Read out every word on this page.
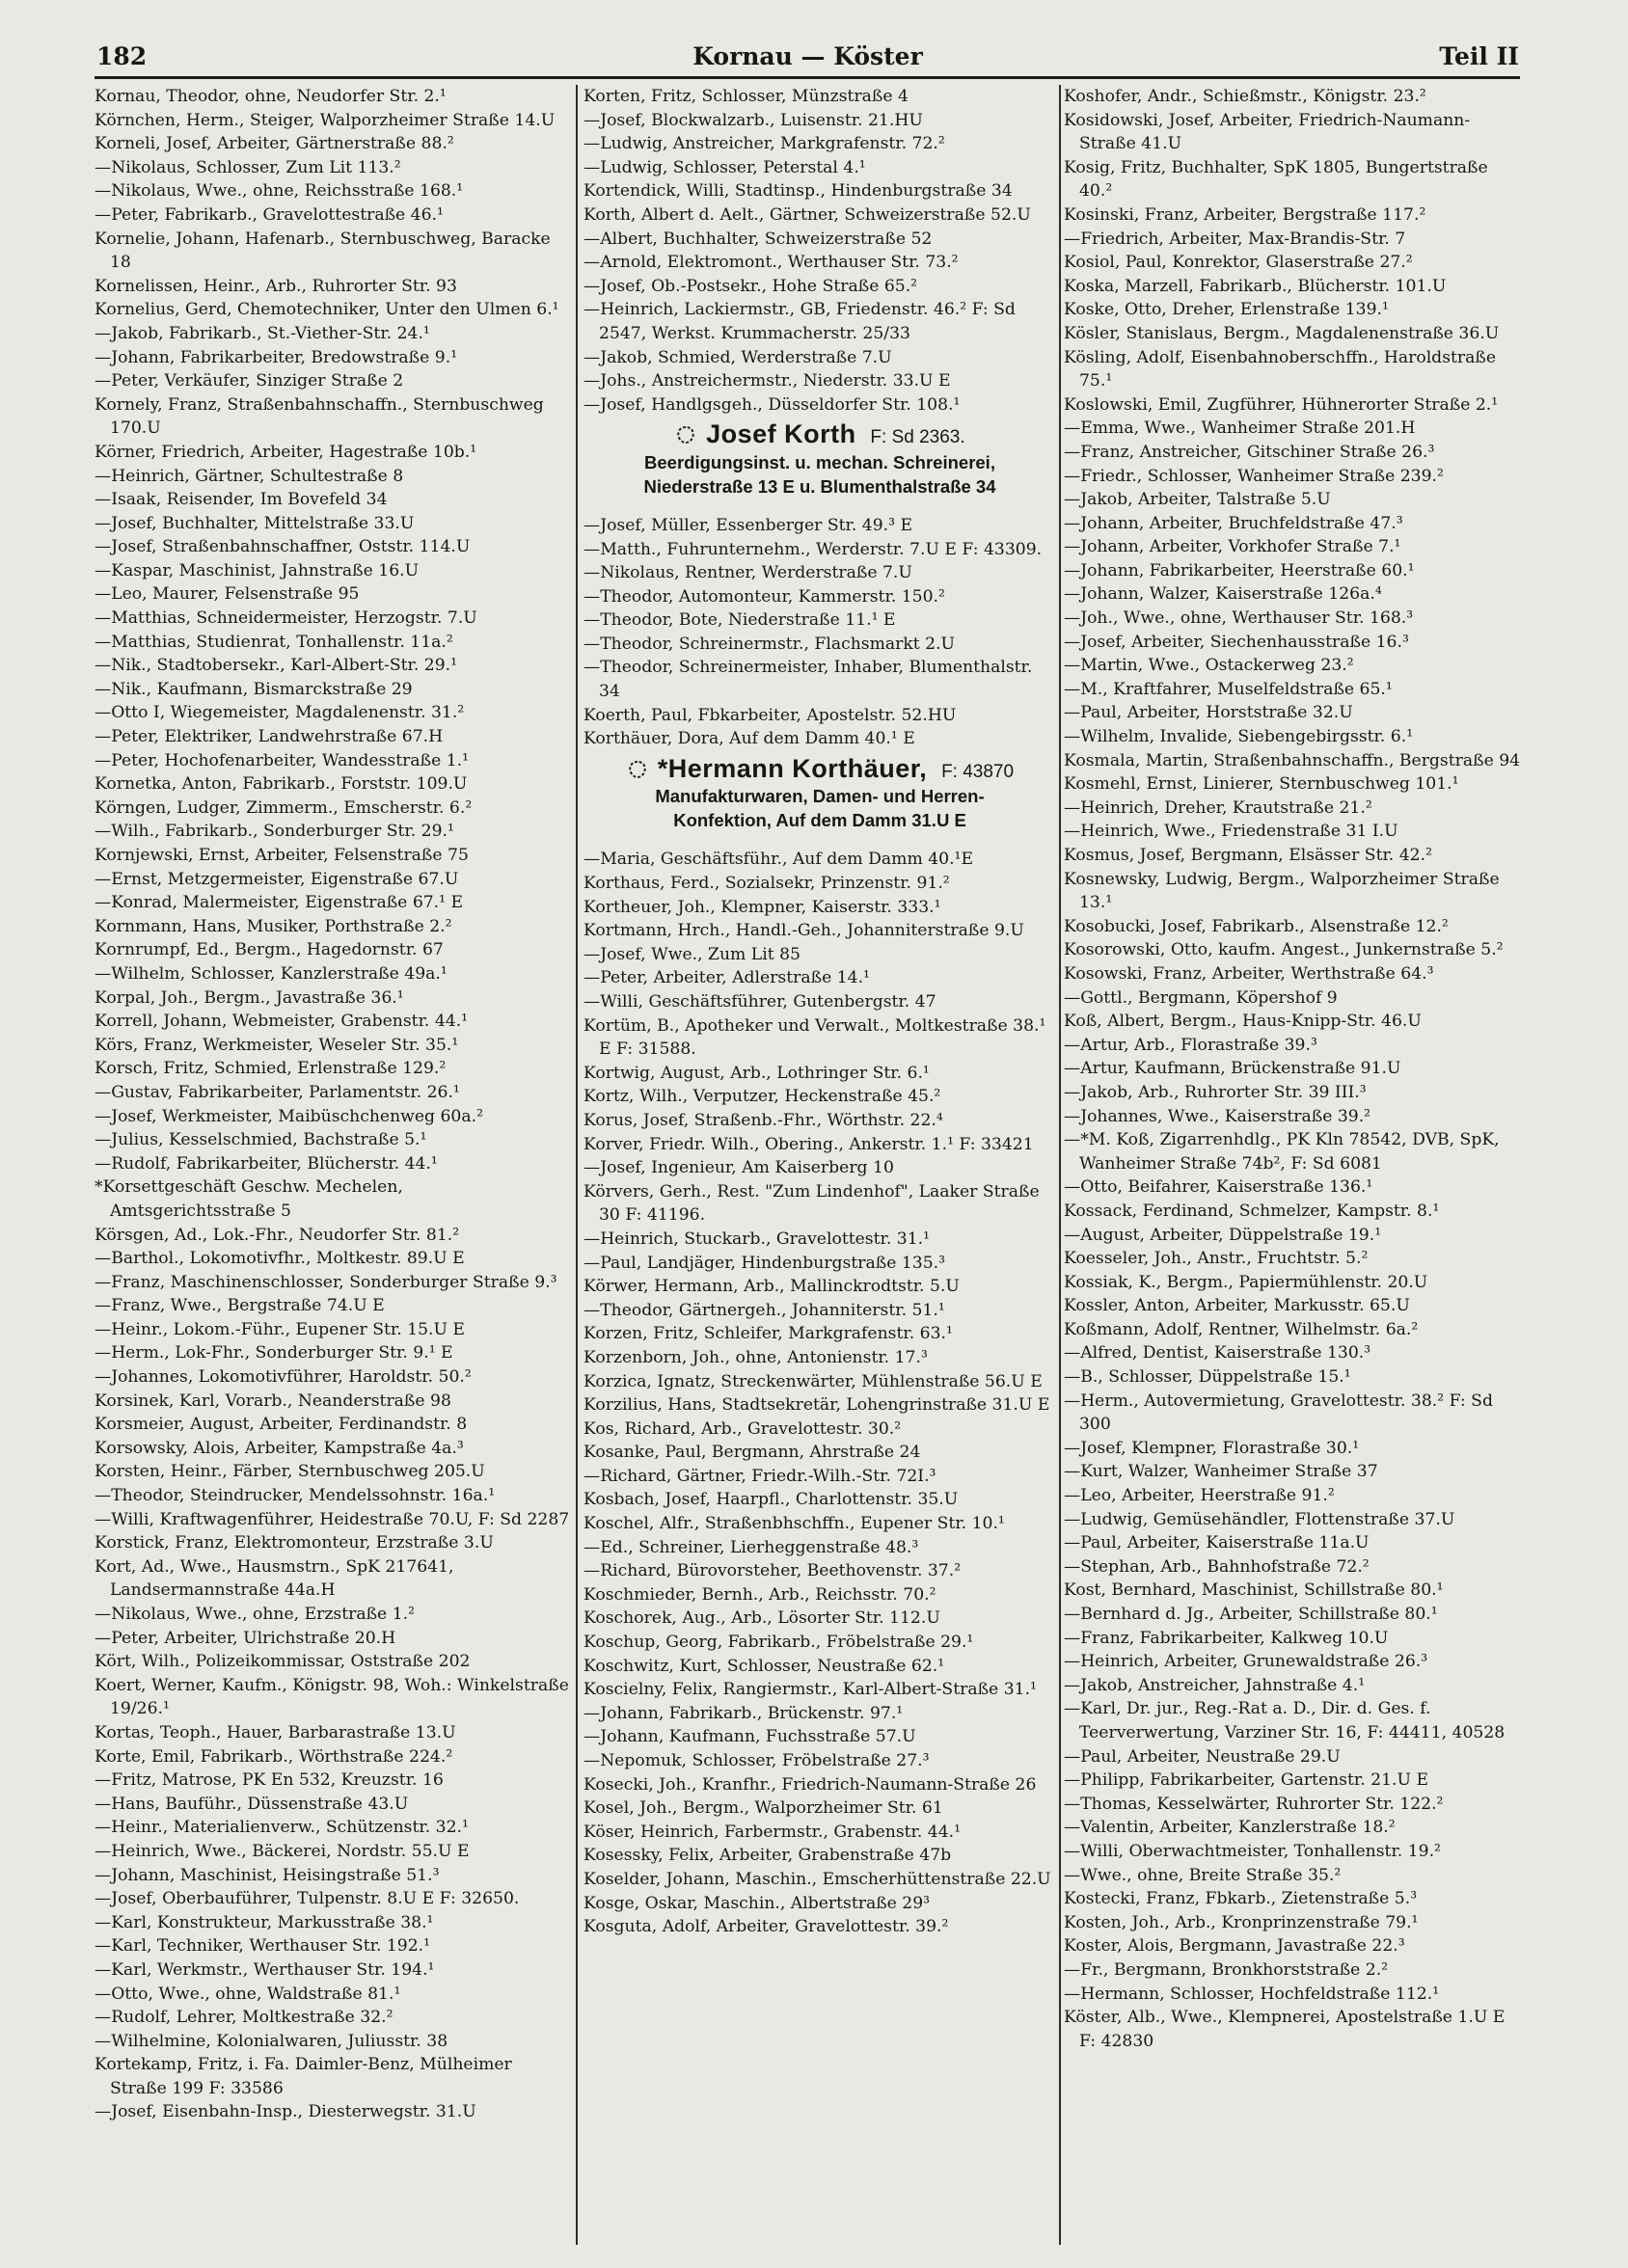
182	Kornau — Köster	Teil II

Kornau, Theodor, ohne, Neudorfer Str. 2.¹

Körnchen, Herm., Steiger, Walporzheimer Straße 14.U

Korneli, Josef, Arbeiter, Gärtnerstraße 88.²

—Nikolaus, Schlosser, Zum Lit 113.²

—Nikolaus, Wwe., ohne, Reichsstraße 168.¹

—Peter, Fabrikarb., Gravelottestraße 46.¹

Kornelie, Johann, Hafenarb., Sternbuschweg, Baracke 18

Kornelissen, Heinr., Arb., Ruhrorter Str. 93

Kornelius, Gerd, Chemotechniker, Unter den Ulmen 6.¹

—Jakob, Fabrikarb., St.-Viether-Str. 24.¹

—Johann, Fabrikarbeiter, Bredowstraße 9.¹

—Peter, Verkäufer, Sinziger Straße 2

Kornely, Franz, Straßenbahnschaffn., Sternbuschweg 170.U

Körner, Friedrich, Arbeiter, Hagestraße 10b.¹

—Heinrich, Gärtner, Schultestraße 8

—Isaak, Reisender, Im Bovefeld 34

—Josef, Buchhalter, Mittelstraße 33.U

—Josef, Straßenbahnschaffner, Oststr. 114.U

—Kaspar, Maschinist, Jahnstraße 16.U

—Leo, Maurer, Felsenstraße 95

—Matthias, Schneidermeister, Herzogstr. 7.U

—Matthias, Studienrat, Tonhallenstr. 11a.²

—Nik., Stadtobersekr., Karl-Albert-Str. 29.¹

—Nik., Kaufmann, Bismarckstraße 29

—Otto I, Wiegemeister, Magdalenenstr. 31.²

—Peter, Elektriker, Landwehrstraße 67.H

—Peter, Hochofenarbeiter, Wandesstraße 1.¹

Kornetka, Anton, Fabrikarb., Forststr. 109.U

Körngen, Ludger, Zimmerm., Emscherstr. 6.²

—Wilh., Fabrikarb., Sonderburger Str. 29.¹

Kornjewski, Ernst, Arbeiter, Felsenstraße 75

—Ernst, Metzgermeister, Eigenstraße 67.U

—Konrad, Malermeister, Eigenstraße 67.¹ E

Kornmann, Hans, Musiker, Porthstraße 2.²

Kornrumpf, Ed., Bergm., Hagedornstr. 67

—Wilhelm, Schlosser, Kanzlerstraße 49a.¹

Korpal, Joh., Bergm., Javastraße 36.¹

Korrell, Johann, Webmeister, Grabenstr. 44.¹

Körs, Franz, Werkmeister, Weseler Str. 35.¹

Korsch, Fritz, Schmied, Erlenstraße 129.²

—Gustav, Fabrikarbeiter, Parlamentstr. 26.¹

—Josef, Werkmeister, Maibüschchenweg 60a.²

—Julius, Kesselschmied, Bachstraße 5.¹

—Rudolf, Fabrikarbeiter, Blücherstr. 44.¹

*Korsettgeschäft Geschw. Mechelen, Amtsgerichtsstraße 5

Körsgen, Ad., Lok.-Fhr., Neudorfer Str. 81.²

—Barthol., Lokomotivfhr., Moltkestr. 89.U E

—Franz, Maschinenschlosser, Sonderburger Straße 9.³

—Franz, Wwe., Bergstraße 74.U E

—Heinr., Lokom.-Führ., Eupener Str. 15.U E

—Herm., Lok-Fhr., Sonderburger Str. 9.¹ E

—Johannes, Lokomotivführer, Haroldstr. 50.²

Korsinek, Karl, Vorarb., Neanderstraße 98

Korsmeier, August, Arbeiter, Ferdinandstr. 8

Korsowsky, Alois, Arbeiter, Kampstraße 4a.³

Korsten, Heinr., Färber, Sternbuschweg 205.U

—Theodor, Steindrucker, Mendelssohnstr. 16a.¹

—Willi, Kraftwagenführer, Heidestraße 70.U, F: Sd 2287

Korstick, Franz, Elektromonteur, Erzstraße 3.U

Kort, Ad., Wwe., Hausmstrn., SpK 217641, Landsermannstraße 44a.H

—Nikolaus, Wwe., ohne, Erzstraße 1.²

—Peter, Arbeiter, Ulrichstraße 20.H

Kört, Wilh., Polizeikommissar, Oststraße 202

Koert, Werner, Kaufm., Königstr. 98, Woh.: Winkelstraße 19/26.¹

Kortas, Teoph., Hauer, Barbarastraße 13.U

Korte, Emil, Fabrikarb., Wörthstraße 224.²

—Fritz, Matrose, PK En 532, Kreuzstr. 16

—Hans, Bauführ., Düssenstraße 43.U

—Heinr., Materialienverw., Schützenstr. 32.¹

—Heinrich, Wwe., Bäckerei, Nordstr. 55.U E

—Johann, Maschinist, Heisingstraße 51.³

—Josef, Oberbauführer, Tulpenstr. 8.U E F: 32650.

—Karl, Konstrukteur, Markusstraße 38.¹

—Karl, Techniker, Werthauser Str. 192.¹

—Karl, Werkmstr., Werthauser Str. 194.¹

—Otto, Wwe., ohne, Waldstraße 81.¹

—Rudolf, Lehrer, Moltkestraße 32.²

—Wilhelmine, Kolonialwaren, Juliusstr. 38

Kortekamp, Fritz, i. Fa. Daimler-Benz, Mülheimer Straße 199 F: 33586

—Josef, Eisenbahn-Insp., Diesterwegstr. 31.U

Korten, Fritz, Schlosser, Münzstraße 4

—Josef, Blockwalzarb., Luisenstr. 21.HU

—Ludwig, Anstreicher, Markgrafenstr. 72.²

—Ludwig, Schlosser, Peterstal 4.¹

Kortendick, Willi, Stadtinsp., Hindenburgstraße 34

Korth, Albert d. Aelt., Gärtner, Schweizerstraße 52.U

—Albert, Buchhalter, Schweizerstraße 52

—Arnold, Elektromont., Werthauser Str. 73.²

—Josef, Ob.-Postsekr., Hohe Straße 65.²

—Heinrich, Lackiermstr., GB, Friedenstr. 46.² F: Sd 2547, Werkst. Krummacherstr. 25/33

—Jakob, Schmied, Werderstraße 7.U

—Johs., Anstreichermstr., Niederstr. 33.U E

—Josef, Handlgsgeh., Düsseldorfer Str. 108.¹

Josef Korth F: Sd 2363.
Beerdigungsinst. u. mechan. Schreinerei,
Niederstraße 13 E u. Blumenthalstraße 34

—Josef, Müller, Essenberger Str. 49.³ E

—Matth., Fuhrunternehm., Werderstr. 7.U E F: 43309.

—Nikolaus, Rentner, Werderstraße 7.U

—Theodor, Automonteur, Kammerstr. 150.²

—Theodor, Bote, Niederstraße 11.¹ E

—Theodor, Schreinermstr., Flachsmarkt 2.U

—Theodor, Schreinermeister, Inhaber, Blumenthalstr. 34

Koerth, Paul, Fbkarbeiter, Apostelstr. 52.HU

Korthäuer, Dora, Auf dem Damm 40.¹ E

*Hermann Korthäuer, F: 43870
Manufakturwaren, Damen- und Herren-
Konfektion, Auf dem Damm 31.U E

—Maria, Geschäftsführ., Auf dem Damm 40.¹E

Korthaus, Ferd., Sozialsekr, Prinzenstr. 91.²

Kortheuer, Joh., Klempner, Kaiserstr. 333.¹

Kortmann, Hrch., Handl.-Geh., Johanniterstraße 9.U

—Josef, Wwe., Zum Lit 85

—Peter, Arbeiter, Adlerstraße 14.¹

—Willi, Geschäftsführer, Gutenbergstr. 47

Kortüm, B., Apotheker und Verwalt., Moltkestraße 38.¹ E F: 31588.

Kortwig, August, Arb., Lothringer Str. 6.¹

Kortz, Wilh., Verputzer, Heckenstraße 45.²

Korus, Josef, Straßenb.-Fhr., Wörthstr. 22.⁴

Korver, Friedr. Wilh., Obering., Ankerstr. 1.¹ F: 33421

—Josef, Ingenieur, Am Kaiserberg 10

Körvers, Gerh., Rest. "Zum Lindenhof", Laaker Straße 30 F: 41196.

—Heinrich, Stuckarb., Gravelottestr. 31.¹

—Paul, Landjäger, Hindenburgstraße 135.³

Körwer, Hermann, Arb., Mallinckrodtstr. 5.U

—Theodor, Gärtnergeh., Johanniterstr. 51.¹

Korzen, Fritz, Schleifer, Markgrafenstr. 63.¹

Korzenborn, Joh., ohne, Antonienstr. 17.³

Korzica, Ignatz, Streckenwärter, Mühlenstraße 56.U E

Korzilius, Hans, Stadtsekretär, Lohengrinstraße 31.U E

Kos, Richard, Arb., Gravelottestr. 30.²

Kosanke, Paul, Bergmann, Ahrstraße 24

—Richard, Gärtner, Friedr.-Wilh.-Str. 72I.³

Kosbach, Josef, Haarpfl., Charlottenstr. 35.U

Koschel, Alfr., Straßenbhschffn., Eupener Str. 10.¹

—Ed., Schreiner, Lierheggenstraße 48.³

—Richard, Bürovorsteher, Beethovenstr. 37.²

Koschmieder, Bernh., Arb., Reichsstr. 70.²

Koschorek, Aug., Arb., Lösorter Str. 112.U

Koschup, Georg, Fabrikarb., Fröbelstraße 29.¹

Koschwitz, Kurt, Schlosser, Neustraße 62.¹

Koscielny, Felix, Rangiermstr., Karl-Albert-Straße 31.¹

—Johann, Fabrikarb., Brückenstr. 97.¹

—Johann, Kaufmann, Fuchsstraße 57.U

—Nepomuk, Schlosser, Fröbelstraße 27.³

Kosecki, Joh., Kranfhr., Friedrich-Naumann-Straße 26

Kosel, Joh., Bergm., Walporzheimer Str. 61

Köser, Heinrich, Farbermstr., Grabenstr. 44.¹

Kosessky, Felix, Arbeiter, Grabenstraße 47b

Koselder, Johann, Maschin., Emscherhüttenstraße 22.U

Kosge, Oskar, Maschin., Albertstraße 29³

Kosguta, Adolf, Arbeiter, Gravelottestr. 39.²

Koshofer, Andr., Schießmstr., Königstr. 23.²

Kosidowski, Josef, Arbeiter, Friedrich-Naumann-Straße 41.U

Kosig, Fritz, Buchhalter, SpK 1805, Bungertstraße 40.²

Kosinski, Franz, Arbeiter, Bergstraße 117.²

—Friedrich, Arbeiter, Max-Brandis-Str. 7

Kosiol, Paul, Konrektor, Glaserstraße 27.²

Koska, Marzell, Fabrikarb., Blücherstr. 101.U

Koske, Otto, Dreher, Erlenstraße 139.¹

Kösler, Stanislaus, Bergm., Magdalenenstraße 36.U

Kösling, Adolf, Eisenbahnoberschffn., Haroldstraße 75.¹

Koslowski, Emil, Zugführer, Hühnerorter Straße 2.¹

—Emma, Wwe., Wanheimer Straße 201.H

—Franz, Anstreicher, Gitschiner Straße 26.³

—Friedr., Schlosser, Wanheimer Straße 239.²

—Jakob, Arbeiter, Talstraße 5.U

—Johann, Arbeiter, Bruchfeldstraße 47.³

—Johann, Arbeiter, Vorkhofer Straße 7.¹

—Johann, Fabrikarbeiter, Heerstraße 60.¹

—Johann, Walzer, Kaiserstraße 126a.⁴

—Joh., Wwe., ohne, Werthauser Str. 168.³

—Josef, Arbeiter, Siechenhausstraße 16.³

—Martin, Wwe., Ostackerweg 23.²

—M., Kraftfahrer, Muselfeldstraße 65.¹

—Paul, Arbeiter, Horststraße 32.U

—Wilhelm, Invalide, Siebengebirgsstr. 6.¹

Kosmala, Martin, Straßenbahnschaffn., Bergstraße 94

Kosmehl, Ernst, Linierer, Sternbuschweg 101.¹

—Heinrich, Dreher, Krautstraße 21.²

—Heinrich, Wwe., Friedenstraße 31 I.U

Kosmus, Josef, Bergmann, Elsässer Str. 42.²

Kosnewsky, Ludwig, Bergm., Walporzheimer Straße 13.¹

Kosobucki, Josef, Fabrikarb., Alsenstraße 12.²

Kosorowski, Otto, kaufm. Angest., Junkernstraße 5.²

Kosowski, Franz, Arbeiter, Werthstraße 64.³

—Gottl., Bergmann, Köpershof 9

Koß, Albert, Bergm., Haus-Knipp-Str. 46.U

—Artur, Arb., Florastraße 39.³

—Artur, Kaufmann, Brückenstraße 91.U

—Jakob, Arb., Ruhrorter Str. 39 III.³

—Johannes, Wwe., Kaiserstraße 39.²

—*M. Koß, Zigarrenhdlg., PK Kln 78542, DVB, SpK, Wanheimer Straße 74b², F: Sd 6081

—Otto, Beifahrer, Kaiserstraße 136.¹

Kossack, Ferdinand, Schmelzer, Kampstr. 8.¹

—August, Arbeiter, Düppelstraße 19.¹

Koesseler, Joh., Anstr., Fruchtstr. 5.²

Kossiak, K., Bergm., Papiermühlenstr. 20.U

Kossler, Anton, Arbeiter, Markusstr. 65.U

Koßmann, Adolf, Rentner, Wilhelmstr. 6a.²

—Alfred, Dentist, Kaiserstraße 130.³

—B., Schlosser, Düppelstraße 15.¹

—Herm., Autovermietung, Gravelottestr. 38.² F: Sd 300

—Josef, Klempner, Florastraße 30.¹

—Kurt, Walzer, Wanheimer Straße 37

—Leo, Arbeiter, Heerstraße 91.²

—Ludwig, Gemüsehändler, Flottenstraße 37.U

—Paul, Arbeiter, Kaiserstraße 11a.U

—Stephan, Arb., Bahnhofstraße 72.²

Kost, Bernhard, Maschinist, Schillstraße 80.¹

—Bernhard d. Jg., Arbeiter, Schillstraße 80.¹

—Franz, Fabrikarbeiter, Kalkweg 10.U

—Heinrich, Arbeiter, Grunewaldstraße 26.³

—Jakob, Anstreicher, Jahnstraße 4.¹

—Karl, Dr. jur., Reg.-Rat a. D., Dir. d. Ges. f. Teerverwertung, Varziner Str. 16, F: 44411, 40528

—Paul, Arbeiter, Neustraße 29.U

—Philipp, Fabrikarbeiter, Gartenstr. 21.U E

—Thomas, Kesselwärter, Ruhrorter Str. 122.²

—Valentin, Arbeiter, Kanzlerstraße 18.²

—Willi, Oberwachtmeister, Tonhallenstr. 19.²

—Wwe., ohne, Breite Straße 35.²

Kostecki, Franz, Fbkarb., Zietenstraße 5.³

Kosten, Joh., Arb., Kronprinzenstraße 79.¹

Koster, Alois, Bergmann, Javastraße 22.³

—Fr., Bergmann, Bronkhorststraße 2.²

—Hermann, Schlosser, Hochfeldstraße 112.¹

Köster, Alb., Wwe., Klempnerei, Apostelstraße 1.U E F: 42830
